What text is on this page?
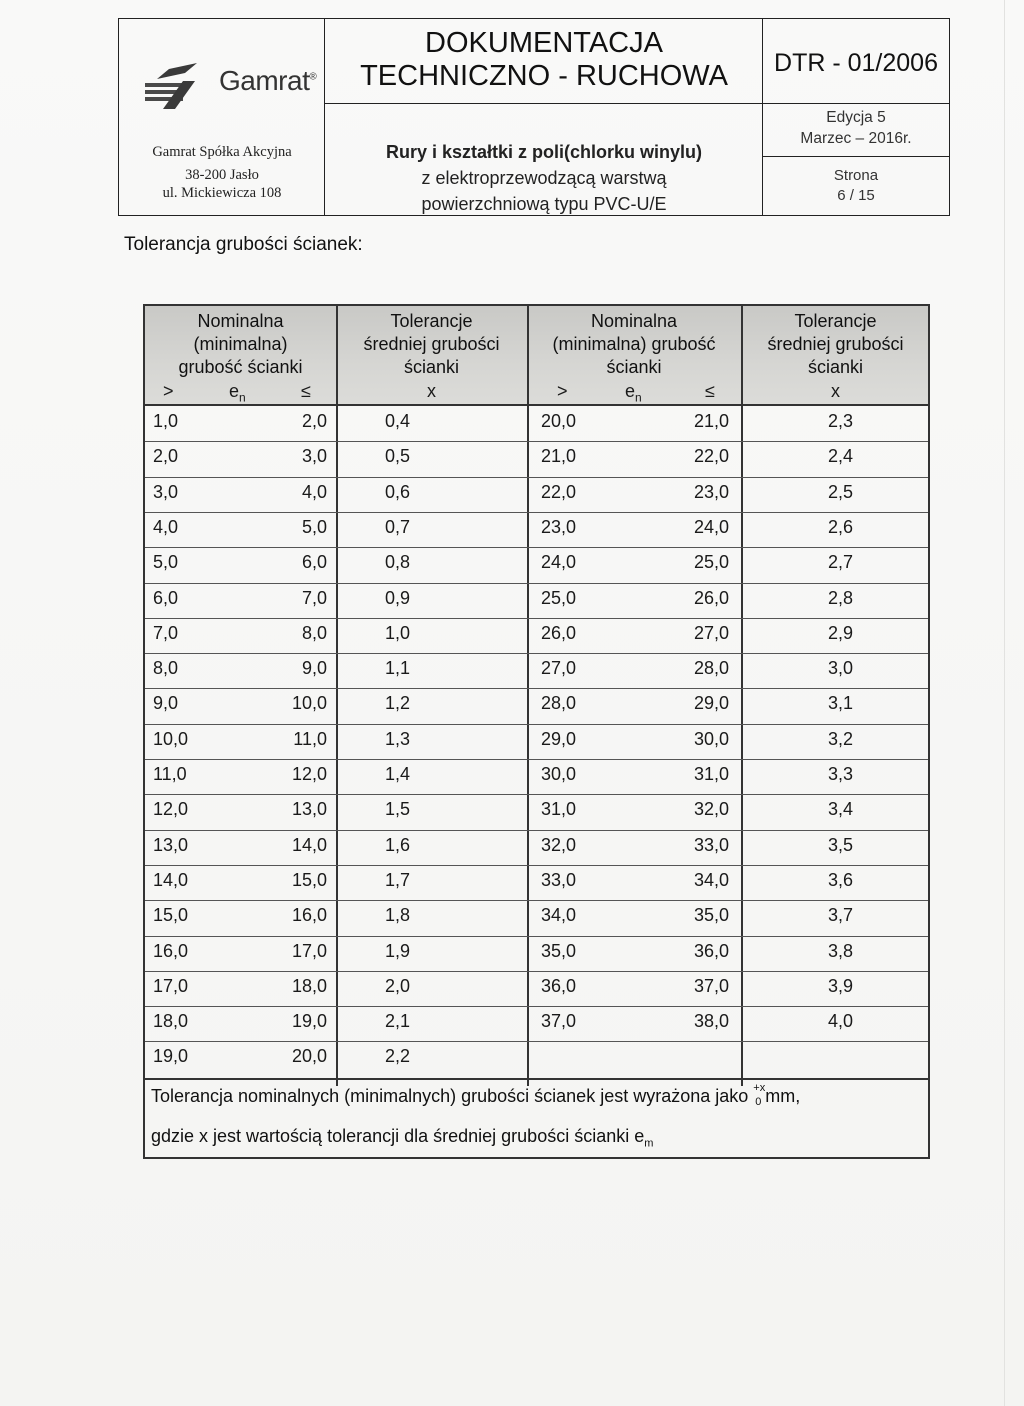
Gamrat®
Gamrat Spółka Akcyjna
38-200 Jasło
ul. Mickiewicza 108
DOKUMENTACJA
TECHNICZNO - RUCHOWA
Rury i kształtki z poli(chlorku winylu)
z elektroprzewodzącą warstwą
powierzchniową typu PVC-U/E
DTR - 01/2006
Edycja 5
Marzec – 2016r.
Strona
6 / 15
Tolerancja grubości ścianek:
Nominalna
(minimalna)
grubość ścianki
Tolerancje
średniej grubości
ścianki
Nominalna
(minimalna) grubość
ścianki
Tolerancje
średniej grubości
ścianki
>	$e_n$	≤	x	>	$e_n$	≤	x
1,0	2,0	0,4	20,0	21,0	2,3
2,0	3,0	0,5	21,0	22,0	2,4
3,0	4,0	0,6	22,0	23,0	2,5
4,0	5,0	0,7	23,0	24,0	2,6
5,0	6,0	0,8	24,0	25,0	2,7
6,0	7,0	0,9	25,0	26,0	2,8
7,0	8,0	1,0	26,0	27,0	2,9
8,0	9,0	1,1	27,0	28,0	3,0
9,0	10,0	1,2	28,0	29,0	3,1
10,0	11,0	1,3	29,0	30,0	3,2
11,0	12,0	1,4	30,0	31,0	3,3
12,0	13,0	1,5	31,0	32,0	3,4
13,0	14,0	1,6	32,0	33,0	3,5
14,0	15,0	1,7	33,0	34,0	3,6
15,0	16,0	1,8	34,0	35,0	3,7
16,0	17,0	1,9	35,0	36,0	3,8
17,0	18,0	2,0	36,0	37,0	3,9
18,0	19,0	2,1	37,0	38,0	4,0
19,0	20,0	2,2
Tolerancja nominalnych (minimalnych) grubości ścianek jest wyrażona jako +x
0 mm,
gdzie x jest wartością tolerancji dla średniej grubości ścianki $e_m$
